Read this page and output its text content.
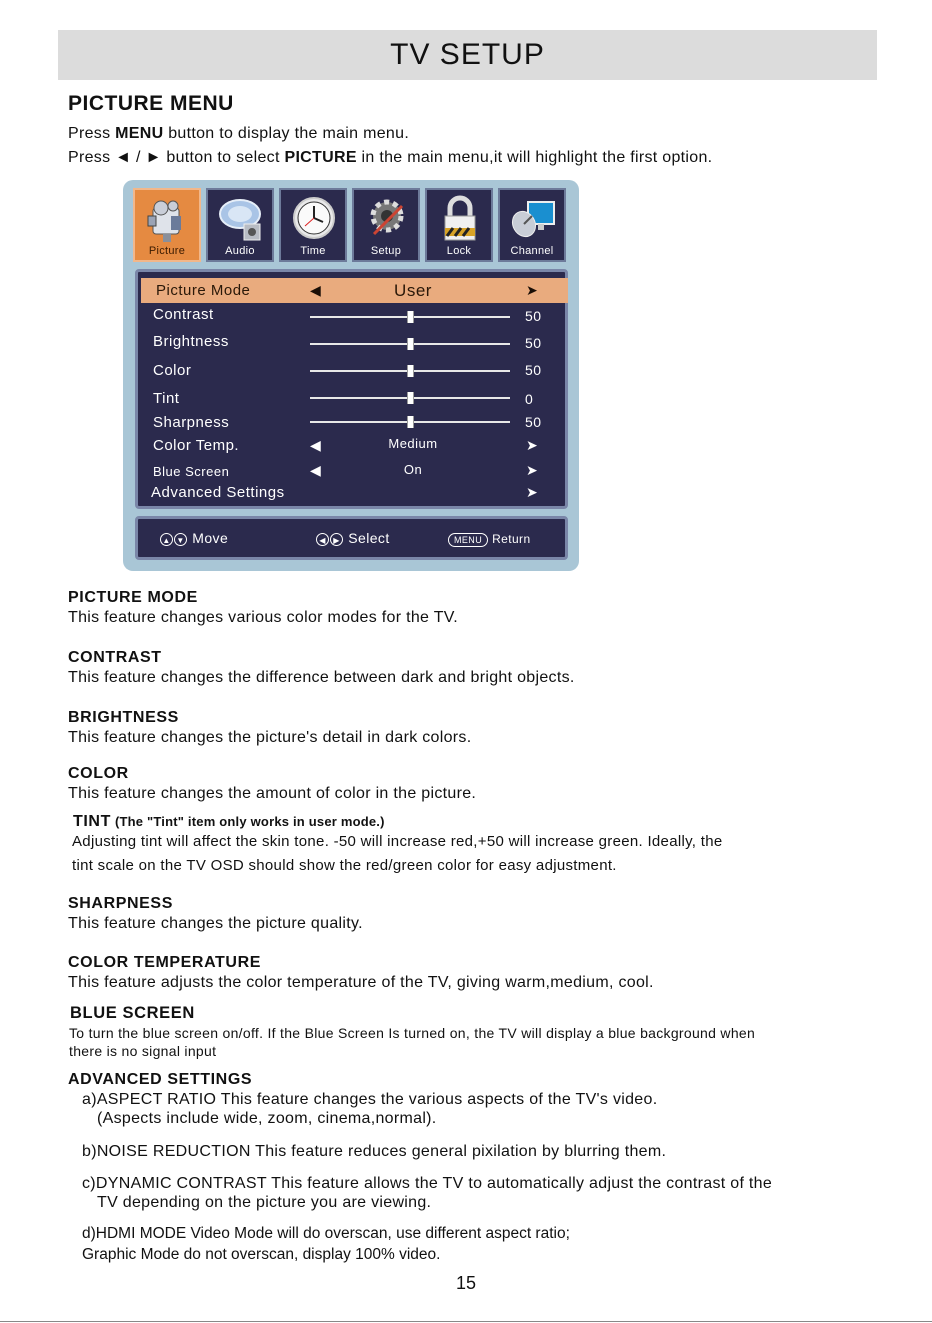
TV SETUP
PICTURE MENU
Press MENU button to display the main menu.
Press ◄ / ► button to select PICTURE in the main menu,it will highlight the first option.
Picture	Audio	Time	Setup	Lock	Channel
Picture Mode	◀	User	➤
Contrast	50
Brightness	50
Color	50
Tint	0
Sharpness	50
Color Temp.	◀	Medium	➤
Blue Screen	◀	On	➤
Advanced Settings	➤
▲ ▼ Move	◀ ▶ Select	MENU Return
PICTURE MODE
This feature changes various color modes for the TV.
CONTRAST
This feature changes the difference between dark and bright objects.
BRIGHTNESS
This feature changes the picture's detail in dark colors.
COLOR
This feature changes the amount of color in the picture.
TINT (The "Tint" item only works in user mode.)
Adjusting tint will affect the skin tone. -50 will increase red,+50 will increase green. Ideally, the
tint scale on the TV OSD should show the red/green color for easy adjustment.
SHARPNESS
This feature changes the picture quality.
COLOR TEMPERATURE
This feature adjusts the color temperature of the TV, giving warm,medium, cool.
BLUE SCREEN
To turn the blue screen on/off. If the Blue Screen Is turned on, the TV will display a blue background when
there is no signal input
ADVANCED SETTINGS
a)ASPECT RATIO This feature changes the various aspects of the TV's video.
(Aspects include wide, zoom, cinema,normal).
b)NOISE REDUCTION This feature reduces general pixilation by blurring them.
c)DYNAMIC CONTRAST This feature allows the TV to automatically adjust the contrast of the
TV depending on the picture you are viewing.
d)HDMI MODE Video Mode will do overscan, use different aspect ratio;
Graphic Mode do not overscan, display 100% video.
15
